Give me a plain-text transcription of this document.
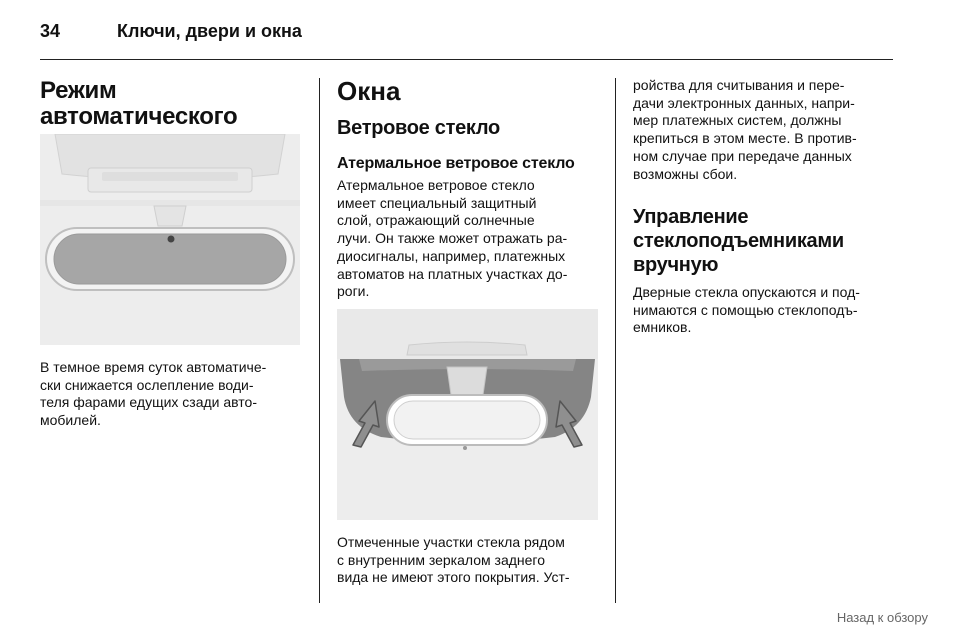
34	Ключи, двери и окна
Режим автоматического

В темное время суток автоматиче-
ски снижается ослепление води-
теля фарами едущих сзади авто-
мобилей.
Окна
Ветровое стекло
Атермальное ветровое стекло
Атермальное ветровое стекло
имеет специальный защитный
слой, отражающий солнечные
лучи. Он также может отражать ра-
диосигналы, например, платежных
автоматов на платных участках до-
роги.
Отмеченные участки стекла рядом
с внутренним зеркалом заднего
вида не имеют этого покрытия. Уст-
ройства для считывания и пере-
дачи электронных данных, напри-
мер платежных систем, должны
крепиться в этом месте. В против-
ном случае при передаче данных
возможны сбои.
Управление
стеклоподъемниками
вручную
Дверные стекла опускаются и под-
нимаются с помощью стеклоподъ-
емников.
Назад к обзору
